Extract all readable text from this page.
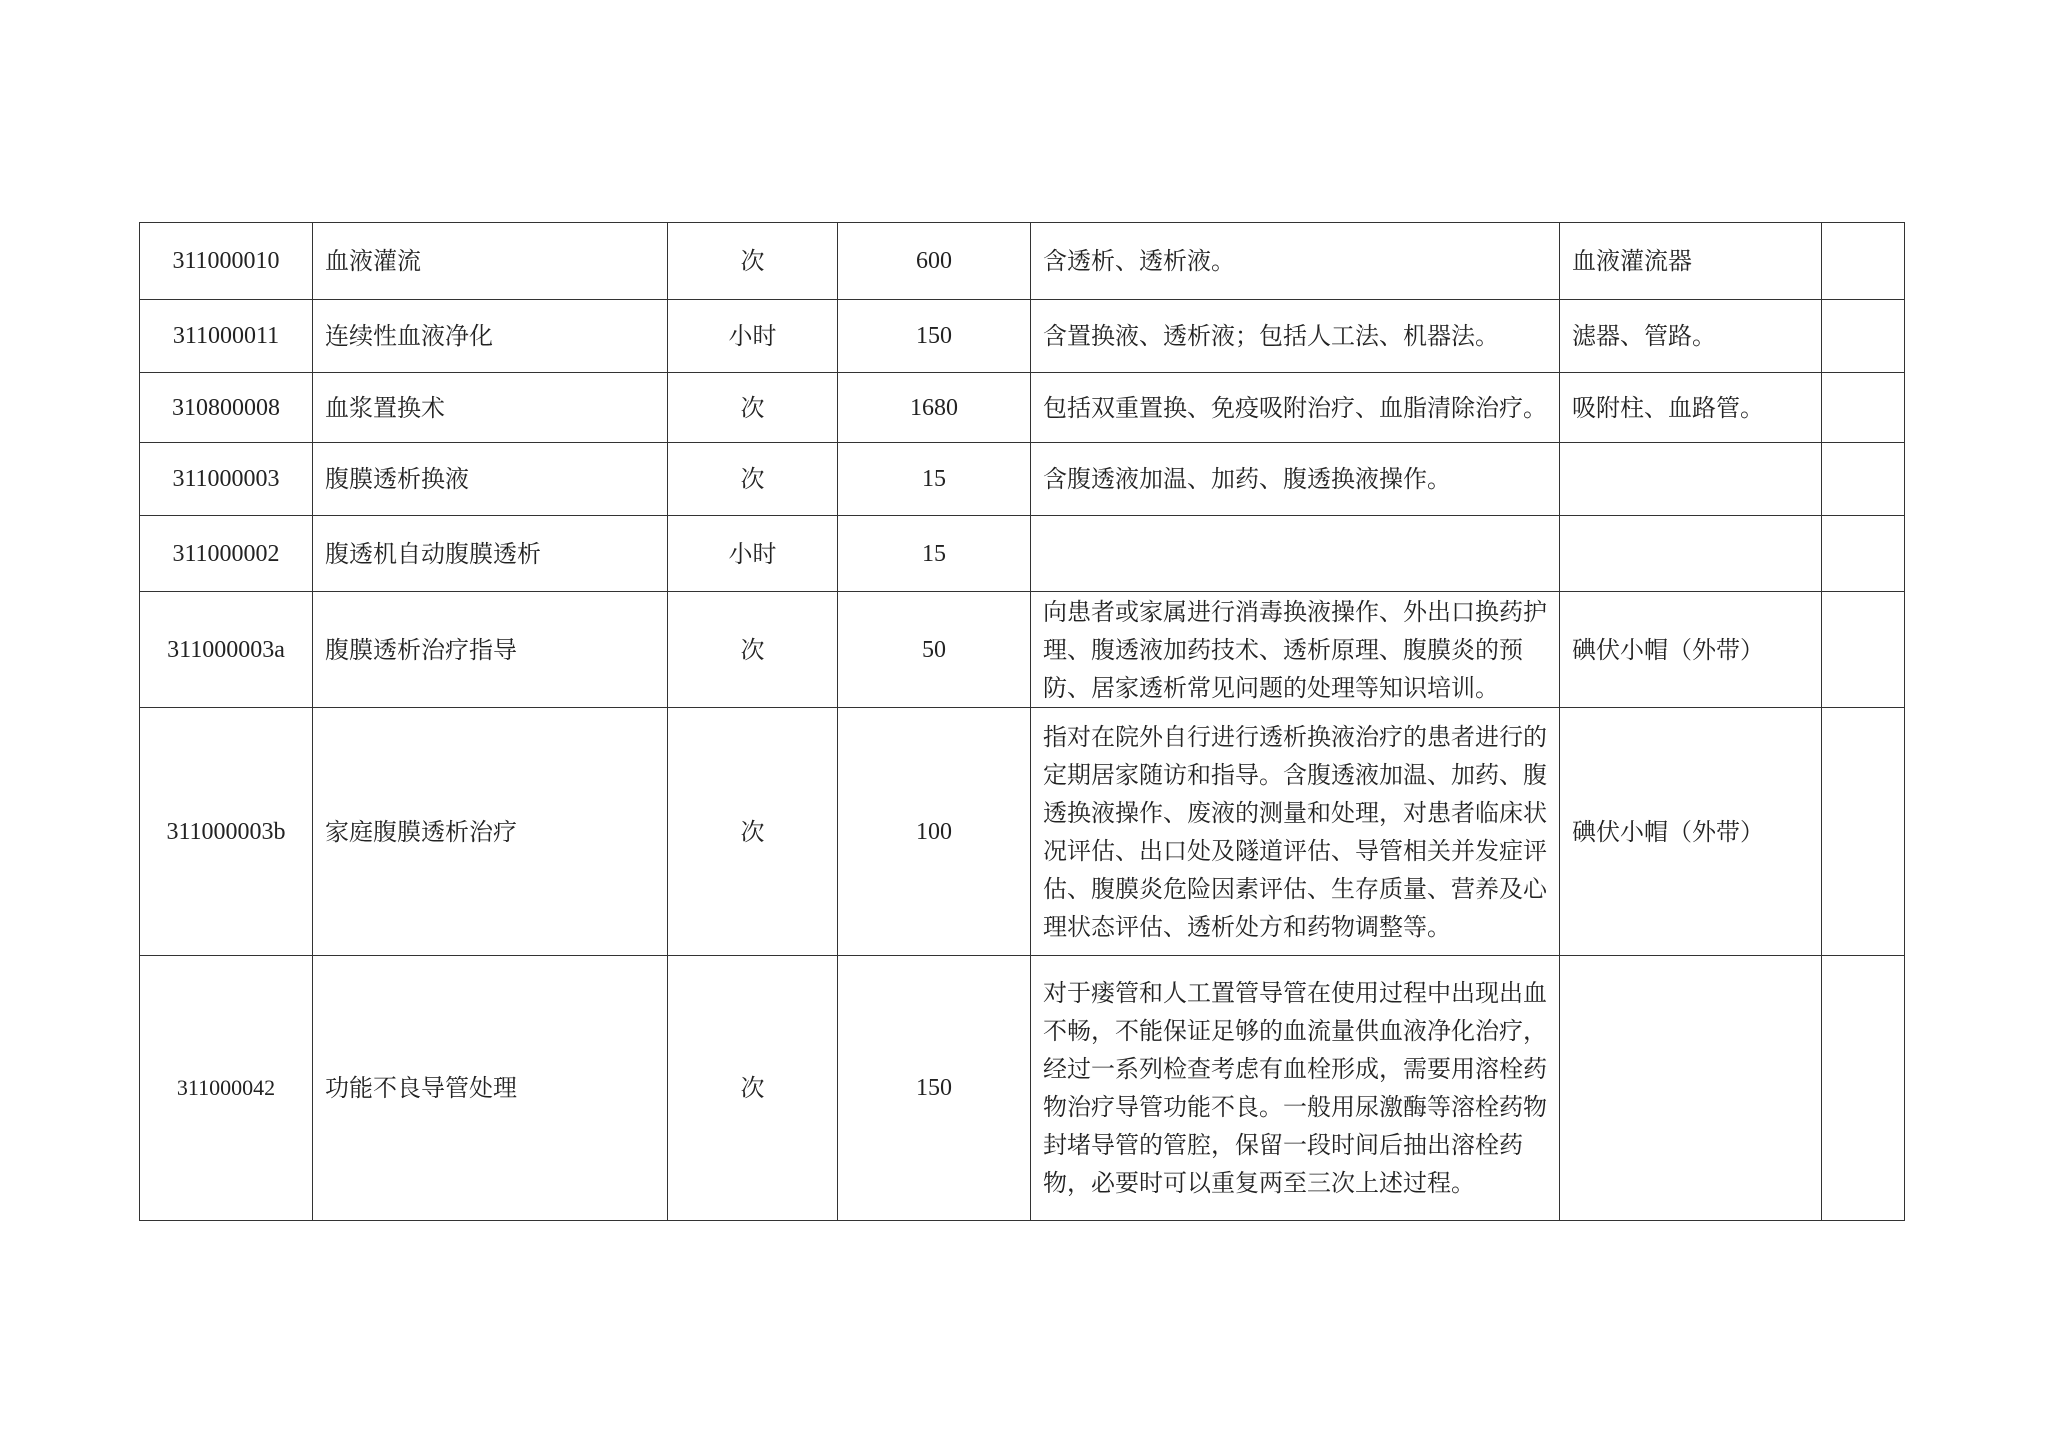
311000010	血液灌流	次	600	含透析、透析液。	血液灌流器	
311000011	连续性血液净化	小时	150	含置换液、透析液；包括人工法、机器法。	滤器、管路。	
310800008	血浆置换术	次	1680	包括双重置换、免疫吸附治疗、血脂清除治疗。	吸附柱、血路管。	
311000003	腹膜透析换液	次	15	含腹透液加温、加药、腹透换液操作。		
311000002	腹透机自动腹膜透析	小时	15			
311000003a	腹膜透析治疗指导	次	50	向患者或家属进行消毒换液操作、外出口换药护理、腹透液加药技术、透析原理、腹膜炎的预防、居家透析常见问题的处理等知识培训。	碘伏小帽（外带）	
311000003b	家庭腹膜透析治疗	次	100	指对在院外自行进行透析换液治疗的患者进行的定期居家随访和指导。含腹透液加温、加药、腹透换液操作、废液的测量和处理，对患者临床状况评估、出口处及隧道评估、导管相关并发症评估、腹膜炎危险因素评估、生存质量、营养及心理状态评估、透析处方和药物调整等。	碘伏小帽（外带）	
311000042	功能不良导管处理	次	150	对于瘘管和人工置管导管在使用过程中出现出血不畅，不能保证足够的血流量供血液净化治疗，经过一系列检查考虑有血栓形成，需要用溶栓药物治疗导管功能不良。一般用尿激酶等溶栓药物封堵导管的管腔，保留一段时间后抽出溶栓药物，必要时可以重复两至三次上述过程。		
